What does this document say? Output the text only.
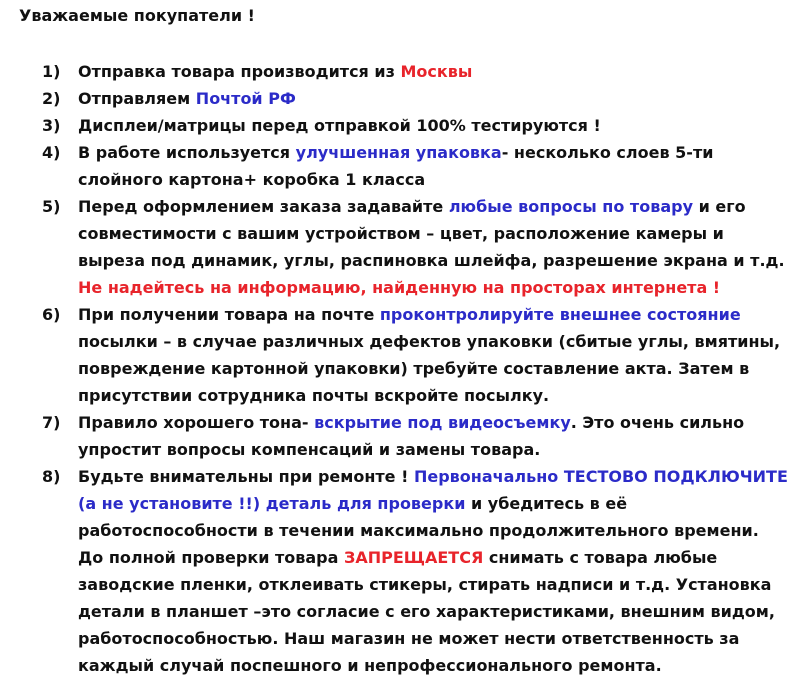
Уважаемые покупатели !
1) Отправка товара производится из Москвы
2) Отправляем Почтой РФ
3) Дисплеи/матрицы перед отправкой 100% тестируются !
4) В работе используется улучшенная упаковка- несколько слоев 5-ти слойного картона+ коробка 1 класса
5) Перед оформлением заказа задавайте любые вопросы по товару и его совместимости с вашим устройством – цвет, расположение камеры и выреза под динамик, углы, распиновка шлейфа, разрешение экрана и т.д. Не надейтесь на информацию, найденную на просторах интернета !
6) При получении товара на почте проконтролируйте внешнее состояние посылки – в случае различных дефектов упаковки (сбитые углы, вмятины, повреждение картонной упаковки) требуйте составление акта. Затем в присутствии сотрудника почты вскройте посылку.
7) Правило хорошего тона- вскрытие под видеосъемку. Это очень сильно упростит вопросы компенсаций и замены товара.
8) Будьте внимательны при ремонте ! Первоначально ТЕСТОВО ПОДКЛЮЧИТЕ (а не установите !!) деталь для проверки и убедитесь в её работоспособности в течении максимально продолжительного времени. До полной проверки товара ЗАПРЕЩАЕТСЯ снимать с товара любые заводские пленки, отклеивать стикеры, стирать надписи и т.д. Установка детали в планшет –это согласие с его характеристиками, внешним видом, работоспособностью. Наш магазин не может нести ответственность за каждый случай поспешного и непрофессионального ремонта.
